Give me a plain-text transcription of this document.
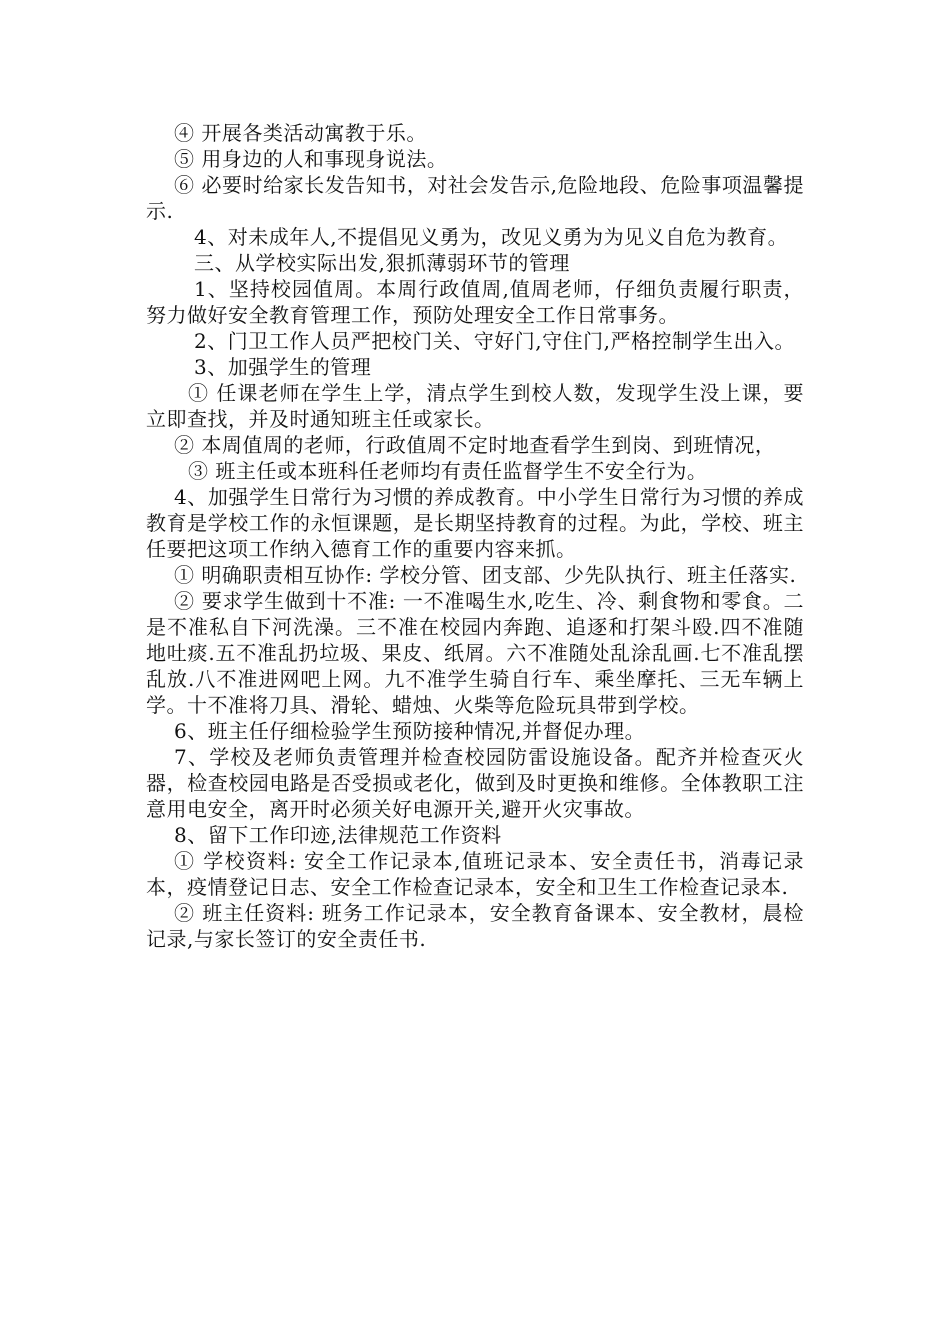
④ 开展各类活动寓教于乐。

⑤ 用身边的人和事现身说法。

⑥ 必要时给家长发告知书，对社会发告示,危险地段、危险事项温馨提示.

4、对未成年人,不提倡见义勇为，改见义勇为为见义自危为教育。

三、从学校实际出发,狠抓薄弱环节的管理

1、坚持校园值周。本周行政值周,值周老师，仔细负责履行职责，努力做好安全教育管理工作，预防处理安全工作日常事务。

2、门卫工作人员严把校门关、守好门,守住门,严格控制学生出入。

3、加强学生的管理

① 任课老师在学生上学，清点学生到校人数，发现学生没上课，要立即查找，并及时通知班主任或家长。

② 本周值周的老师，行政值周不定时地查看学生到岗、到班情况，

③ 班主任或本班科任老师均有责任监督学生不安全行为。

4、加强学生日常行为习惯的养成教育。中小学生日常行为习惯的养成教育是学校工作的永恒课题，是长期坚持教育的过程。为此，学校、班主任要把这项工作纳入德育工作的重要内容来抓。

① 明确职责相互协作: 学校分管、团支部、少先队执行、班主任落实.

② 要求学生做到十不准: 一不准喝生水,吃生、冷、剩食物和零食。二是不准私自下河洗澡。三不准在校园内奔跑、追逐和打架斗殴.四不准随地吐痰.五不准乱扔垃圾、果皮、纸屑。六不准随处乱涂乱画.七不准乱摆乱放.八不准进网吧上网。九不准学生骑自行车、乘坐摩托、三无车辆上学。十不准将刀具、滑轮、蜡烛、火柴等危险玩具带到学校。

6、班主任仔细检验学生预防接种情况,并督促办理。

7、学校及老师负责管理并检查校园防雷设施设备。配齐并检查灭火器，检查校园电路是否受损或老化，做到及时更换和维修。全体教职工注意用电安全，离开时必须关好电源开关,避开火灾事故。

8、留下工作印迹,法律规范工作资料

① 学校资料: 安全工作记录本,值班记录本、安全责任书，消毒记录本，疫情登记日志、安全工作检查记录本，安全和卫生工作检查记录本.

② 班主任资料: 班务工作记录本，安全教育备课本、安全教材，晨检记录,与家长签订的安全责任书.
